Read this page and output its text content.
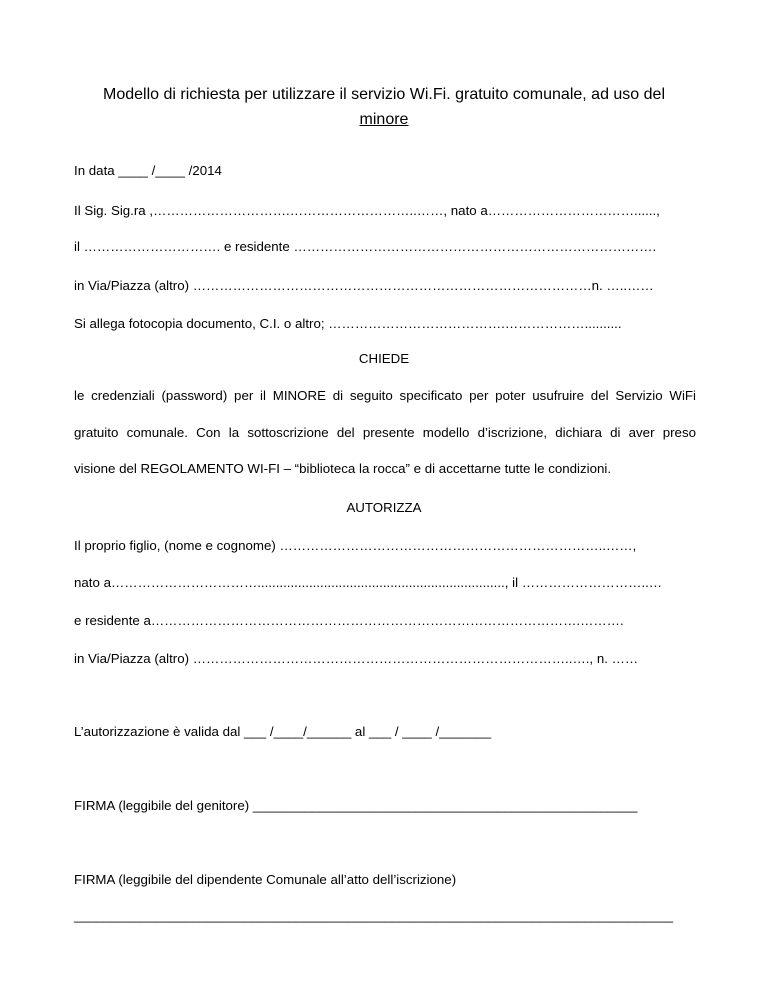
Modello di richiesta per utilizzare il servizio Wi.Fi. gratuito comunale, ad uso del
minore
In data ____ /____ /2014
Il Sig. Sig.ra ,………………………….………………………..……, nato a……………………………......,
il …………………………. e residente ……………………………………………………………………….
in Via/Piazza (altro) ………………………………………………………………………………n. …..……
Si allega fotocopia documento, C.I. o altro; ………………………………….………………..........
CHIEDE
le credenziali (password) per il MINORE di seguito specificato per poter usufruire del Servizio WiFi
gratuito comunale. Con la sottoscrizione del presente modello d’iscrizione, dichiara di aver preso
visione del REGOLAMENTO WI-FI – “biblioteca la rocca” e di accettarne tutte le condizioni.
AUTORIZZA
Il proprio figlio, (nome e cognome) ………………………………………………………………..……,
nato a……………………………..................................................................., il ………………………..…
e residente a…………………………………………………………………………………….……….
in Via/Piazza (altro) …………………………………………………………………………..…., n. ……
L’autorizzazione è valida dal ___ /____/______ al ___ / ____ /_______
FIRMA (leggibile del genitore) ____________________________________________________
FIRMA (leggibile del dipendente Comunale all’atto dell’iscrizione)
_________________________________________________________________________________
